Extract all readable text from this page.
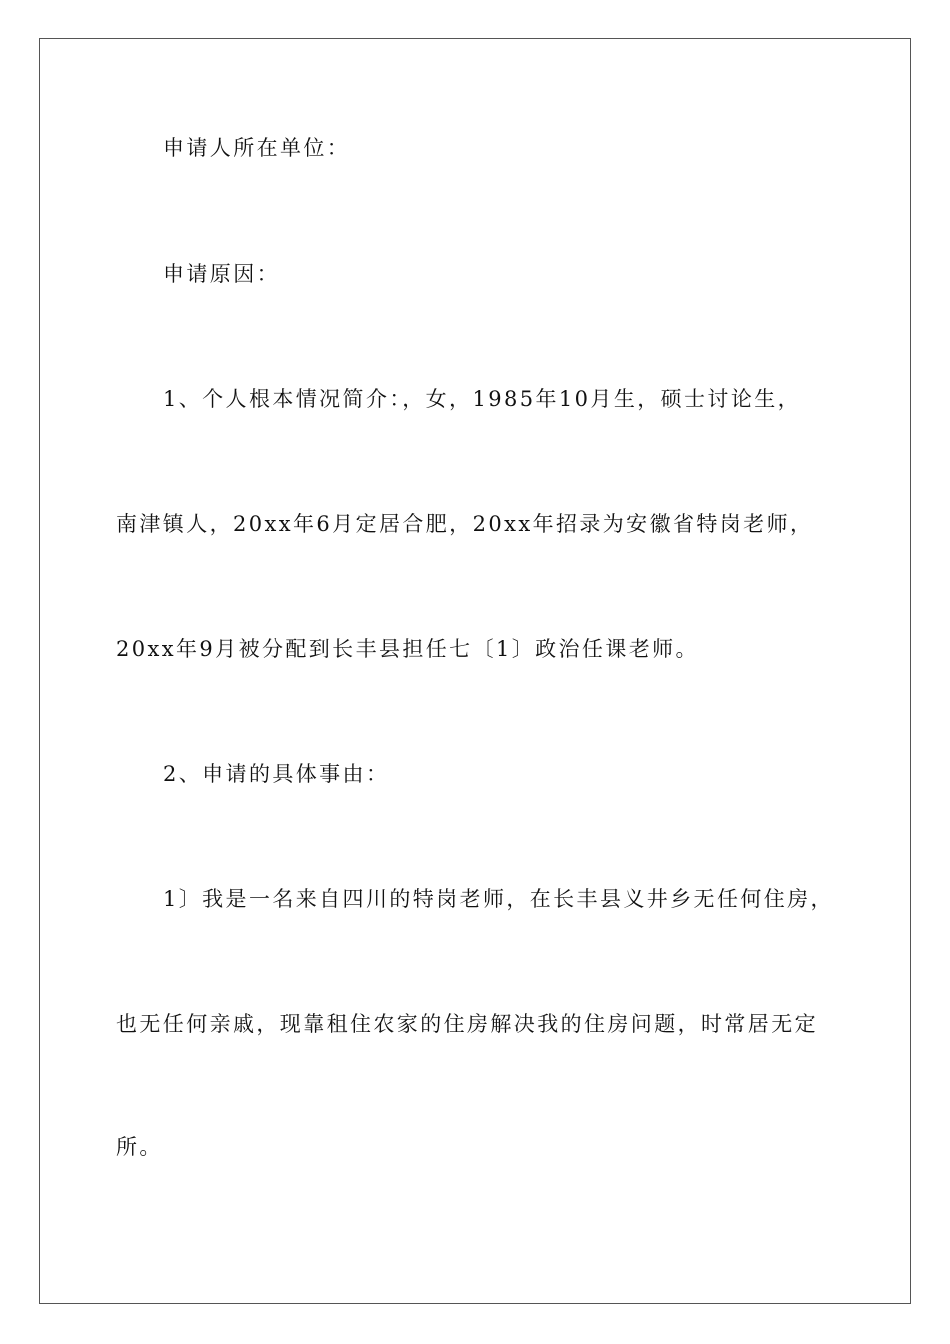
申请人所在单位：
申请原因：
1、个人根本情况简介：，女，1985年10月生，硕士讨论生，
南津镇人，20xx年6月定居合肥，20xx年招录为安徽省特岗老师，
20xx年9月被分配到长丰县担任七〔1〕政治任课老师。
2、申请的具体事由：
1〕我是一名来自四川的特岗老师，在长丰县义井乡无任何住房，
也无任何亲戚，现靠租住农家的住房解决我的住房问题，时常居无定
所。
